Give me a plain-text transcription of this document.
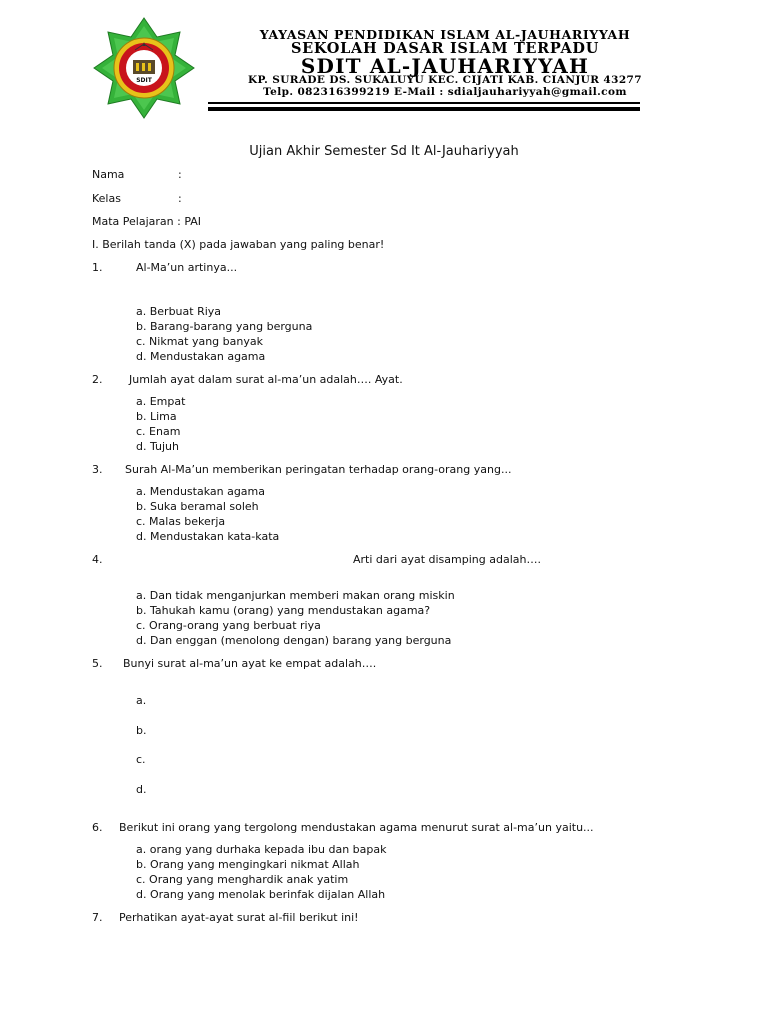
SDIT
YAYASAN PENDIDIKAN ISLAM AL-JAUHARIYYAH
SEKOLAH DASAR ISLAM TERPADU
SDIT AL-JAUHARIYYAH
KP. SURADE DS. SUKALUYU KEC. CIJATI KAB. CIANJUR 43277
Telp. 082316399219 E-Mail : sdialjauhariyyah@gmail.com
Ujian Akhir Semester Sd It Al-Jauhariyyah
Nama	:
Kelas	:
Mata Pelajaran : PAI
I. Berilah tanda (X) pada jawaban yang paling benar!
1.	Al-Ma’un artinya...
a. Berbuat Riya
b. Barang-barang yang berguna
c. Nikmat yang banyak
d. Mendustakan agama
2. Jumlah ayat dalam surat al-ma’un adalah…. Ayat.
a. Empat
b. Lima
c. Enam
d. Tujuh
3. Surah Al-Ma’un memberikan peringatan terhadap orang-orang yang...
a. Mendustakan agama
b. Suka beramal soleh
c. Malas bekerja
d. Mendustakan kata-kata
4.	Arti dari ayat disamping adalah….
a. Dan tidak menganjurkan memberi makan orang miskin
b. Tahukah kamu (orang) yang mendustakan agama?
c. Orang-orang yang berbuat riya
d. Dan enggan (menolong dengan) barang yang berguna
5. Bunyi surat al-ma’un ayat ke empat adalah….
a.
b.
c.
d.
6. Berikut ini orang yang tergolong mendustakan agama menurut surat al-ma’un yaitu...
a. orang yang durhaka kepada ibu dan bapak
b. Orang yang mengingkari nikmat Allah
c. Orang yang menghardik anak yatim
d. Orang yang menolak berinfak dijalan Allah
7. Perhatikan ayat-ayat surat al-fiil berikut ini!
